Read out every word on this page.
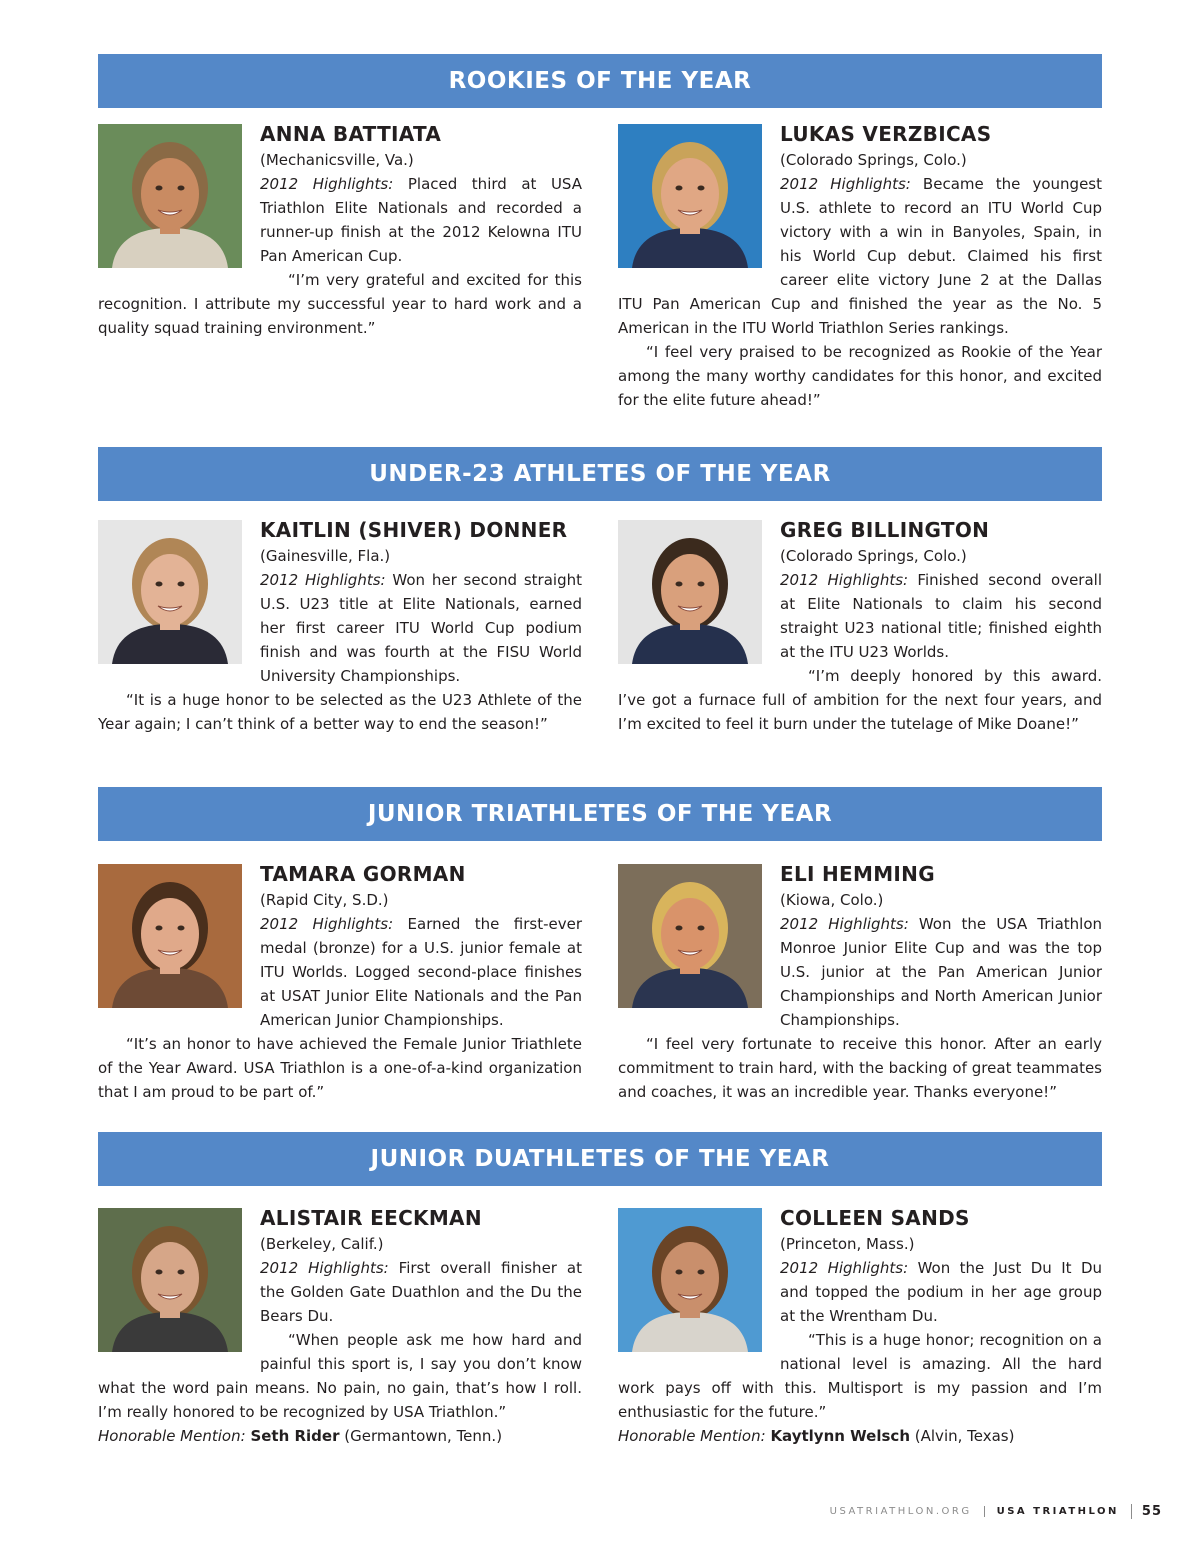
ROOKIES OF THE YEAR
ANNA BATTIATA
(Mechanicsville, Va.)
2012 Highlights: Placed third at USA Triathlon Elite Nationals and recorded a runner-up finish at the 2012 Kelowna ITU Pan American Cup.
“I’m very grateful and excited for this recognition. I attribute my successful year to hard work and a quality squad training environment.”
LUKAS VERZBICAS
(Colorado Springs, Colo.)
2012 Highlights: Became the youngest U.S. athlete to record an ITU World Cup victory with a win in Banyoles, Spain, in his World Cup debut. Claimed his first career elite victory June 2 at the Dallas ITU Pan American Cup and finished the year as the No. 5 American in the ITU World Triathlon Series rankings.
“I feel very praised to be recognized as Rookie of the Year among the many worthy candidates for this honor, and excited for the elite future ahead!”
UNDER-23 ATHLETES OF THE YEAR
KAITLIN (SHIVER) DONNER
(Gainesville, Fla.)
2012 Highlights: Won her second straight U.S. U23 title at Elite Nationals, earned her first career ITU World Cup podium finish and was fourth at the FISU World University Championships.
“It is a huge honor to be selected as the U23 Athlete of the Year again; I can’t think of a better way to end the season!”
GREG BILLINGTON
(Colorado Springs, Colo.)
2012 Highlights: Finished second overall at Elite Nationals to claim his second straight U23 national title; finished eighth at the ITU U23 Worlds.
“I’m deeply honored by this award. I’ve got a furnace full of ambition for the next four years, and I’m excited to feel it burn under the tutelage of Mike Doane!”
JUNIOR TRIATHLETES OF THE YEAR
TAMARA GORMAN
(Rapid City, S.D.)
2012 Highlights: Earned the first-ever medal (bronze) for a U.S. junior female at ITU Worlds. Logged second-place finishes at USAT Junior Elite Nationals and the Pan American Junior Championships.
“It’s an honor to have achieved the Female Junior Triathlete of the Year Award. USA Triathlon is a one-of-a-kind organization that I am proud to be part of.”
ELI HEMMING
(Kiowa, Colo.)
2012 Highlights: Won the USA Triathlon Monroe Junior Elite Cup and was the top U.S. junior at the Pan American Junior Championships and North American Junior Championships.
“I feel very fortunate to receive this honor. After an early commitment to train hard, with the backing of great teammates and coaches, it was an incredible year. Thanks everyone!”
JUNIOR DUATHLETES OF THE YEAR
ALISTAIR EECKMAN
(Berkeley, Calif.)
2012 Highlights: First overall finisher at the Golden Gate Duathlon and the Du the Bears Du.
“When people ask me how hard and painful this sport is, I say you don’t know what the word pain means. No pain, no gain, that’s how I roll. I’m really honored to be recognized by USA Triathlon.”
Honorable Mention: Seth Rider (Germantown, Tenn.)
COLLEEN SANDS
(Princeton, Mass.)
2012 Highlights: Won the Just Du It Du and topped the podium in her age group at the Wrentham Du.
“This is a huge honor; recognition on a national level is amazing. All the hard work pays off with this. Multisport is my passion and I’m enthusiastic for the future.”
Honorable Mention: Kaytlynn Welsch (Alvin, Texas)
USATRIATHLON.ORG	USA TRIATHLON	55
